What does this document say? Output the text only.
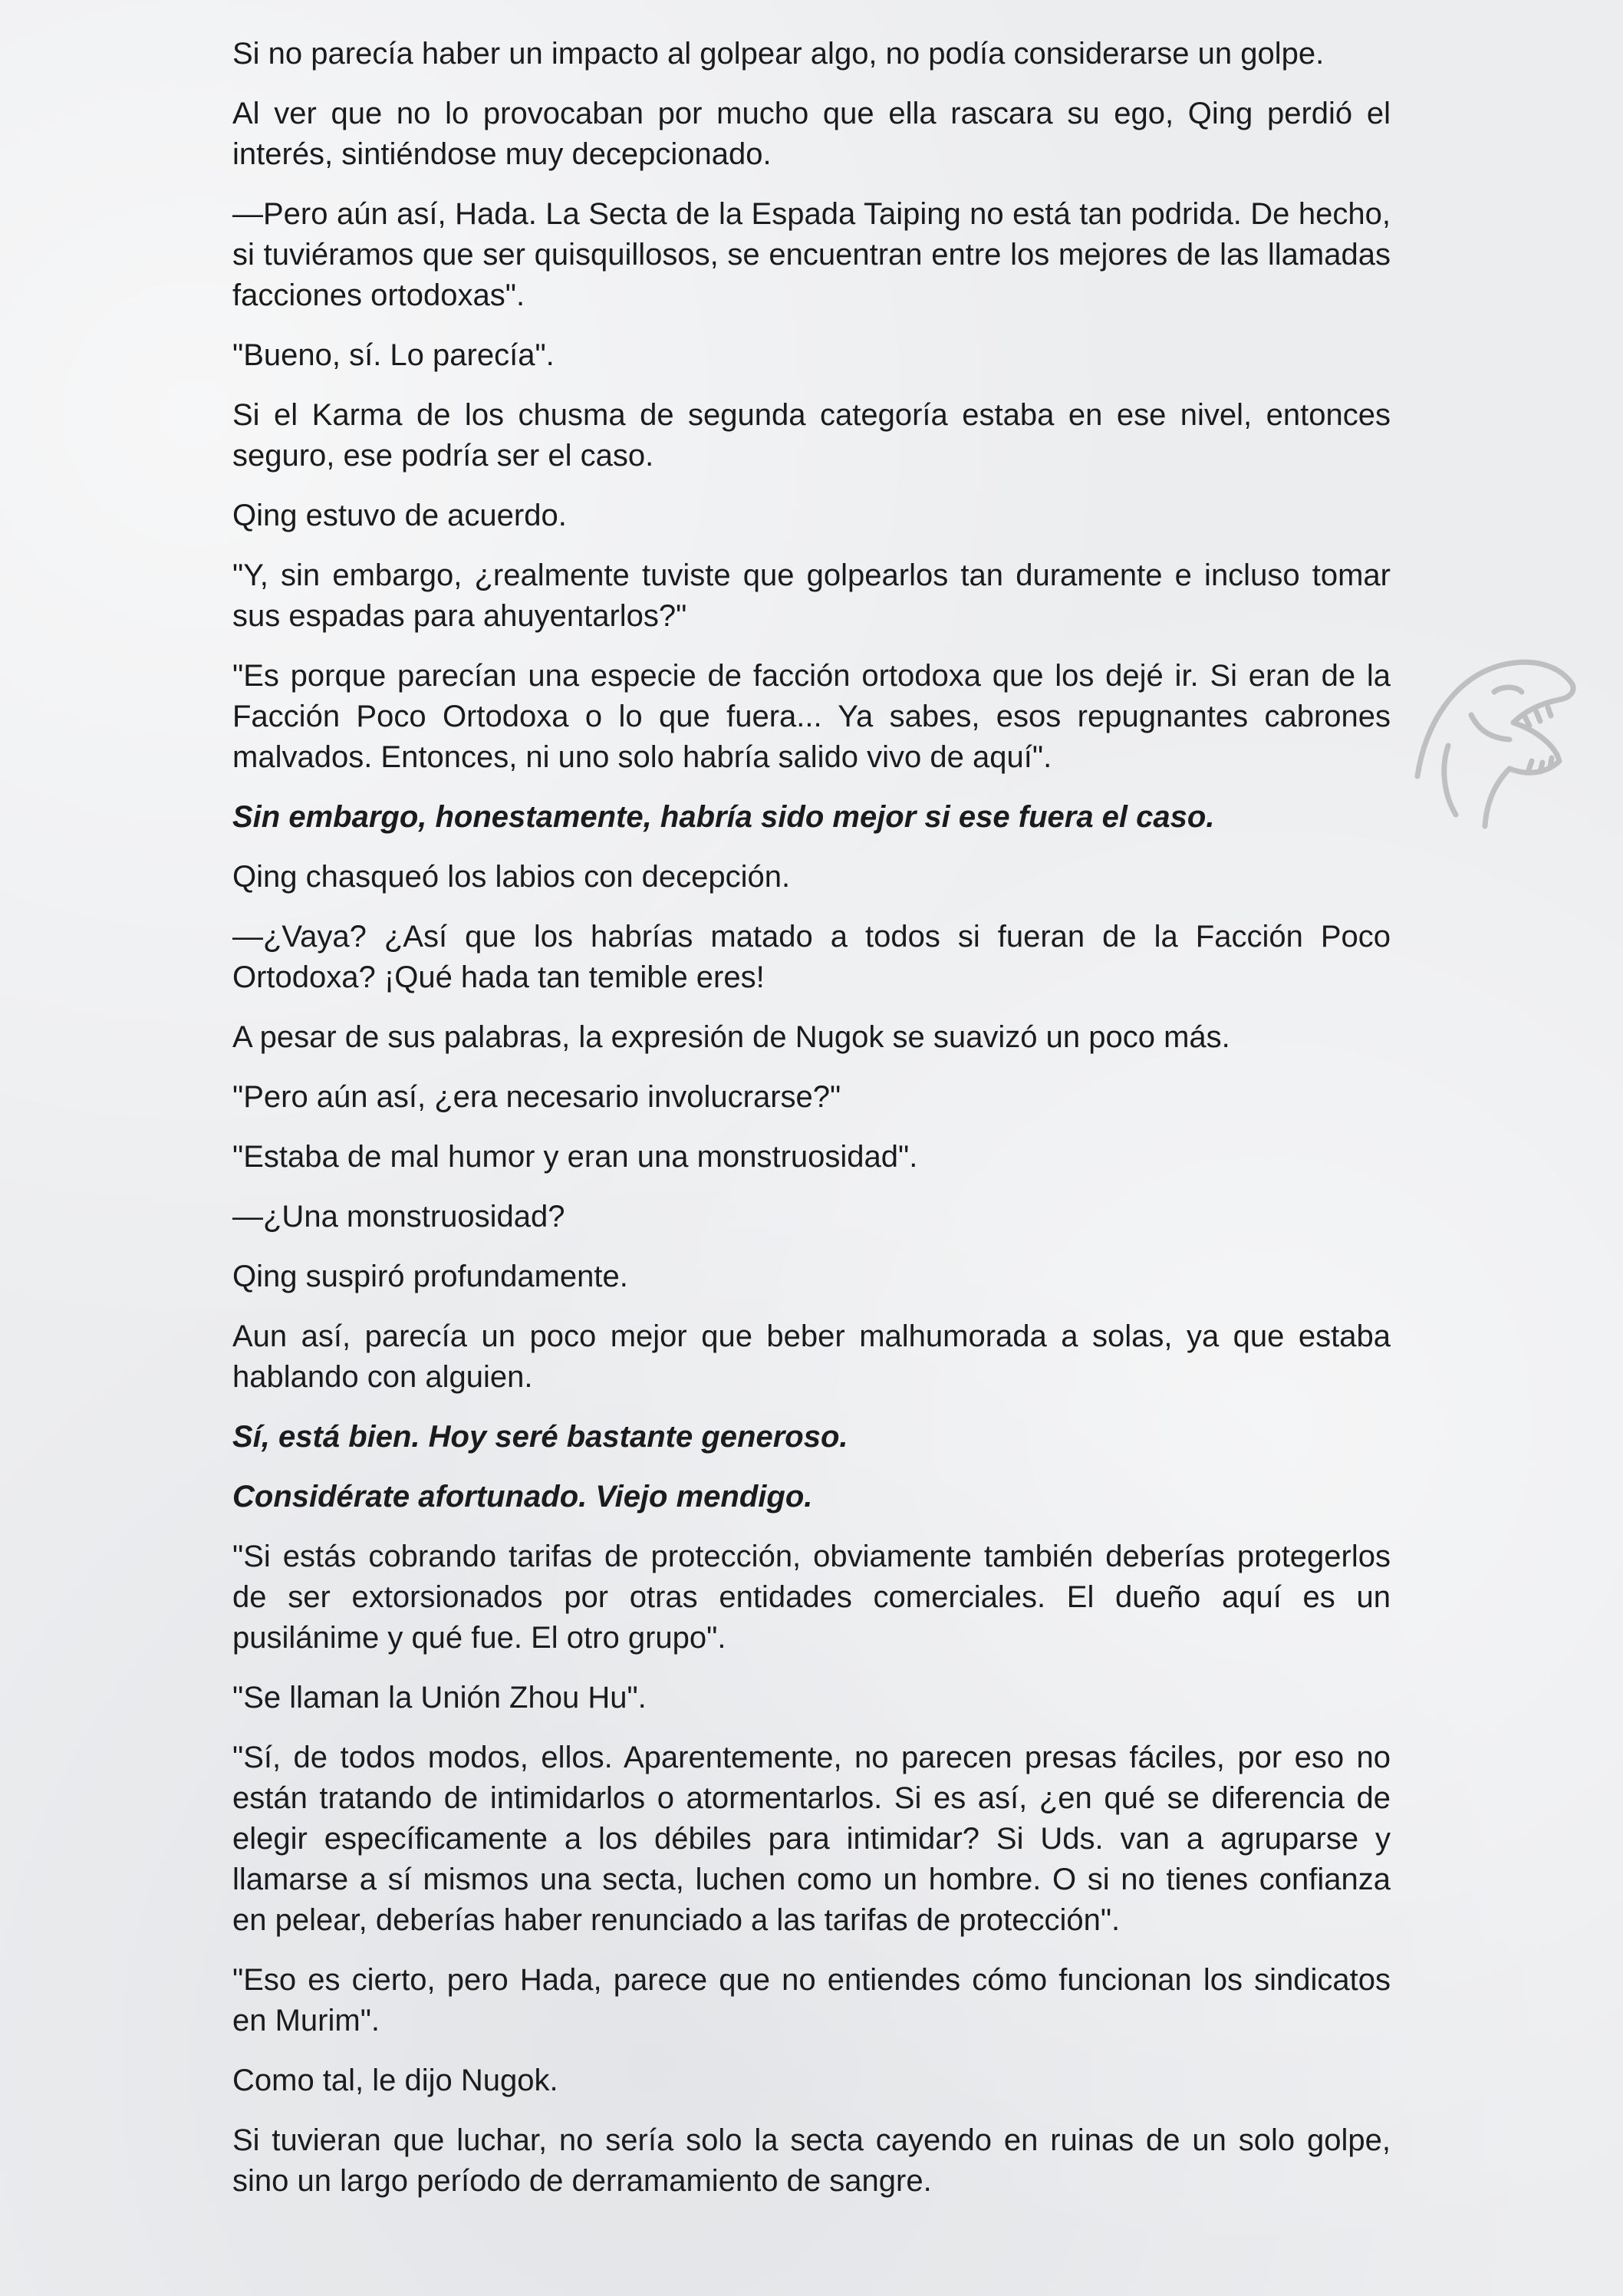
Si no parecía haber un impacto al golpear algo, no podía considerarse un golpe.

Al ver que no lo provocaban por mucho que ella rascara su ego, Qing perdió el interés, sintiéndose muy decepcionado.

—Pero aún así, Hada. La Secta de la Espada Taiping no está tan podrida. De hecho, si tuviéramos que ser quisquillosos, se encuentran entre los mejores de las llamadas facciones ortodoxas".

"Bueno, sí. Lo parecía".

Si el Karma de los chusma de segunda categoría estaba en ese nivel, entonces seguro, ese podría ser el caso.

Qing estuvo de acuerdo.

"Y, sin embargo, ¿realmente tuviste que golpearlos tan duramente e incluso tomar sus espadas para ahuyentarlos?"

"Es porque parecían una especie de facción ortodoxa que los dejé ir. Si eran de la Facción Poco Ortodoxa o lo que fuera... Ya sabes, esos repugnantes cabrones malvados. Entonces, ni uno solo habría salido vivo de aquí".

Sin embargo, honestamente, habría sido mejor si ese fuera el caso.

Qing chasqueó los labios con decepción.

—¿Vaya? ¿Así que los habrías matado a todos si fueran de la Facción Poco Ortodoxa? ¡Qué hada tan temible eres!

A pesar de sus palabras, la expresión de Nugok se suavizó un poco más.

"Pero aún así, ¿era necesario involucrarse?"

"Estaba de mal humor y eran una monstruosidad".

—¿Una monstruosidad?

Qing suspiró profundamente.

Aun así, parecía un poco mejor que beber malhumorada a solas, ya que estaba hablando con alguien.

Sí, está bien. Hoy seré bastante generoso.

Considérate afortunado. Viejo mendigo.

"Si estás cobrando tarifas de protección, obviamente también deberías protegerlos de ser extorsionados por otras entidades comerciales. El dueño aquí es un pusilánime y qué fue. El otro grupo".

"Se llaman la Unión Zhou Hu".

"Sí, de todos modos, ellos. Aparentemente, no parecen presas fáciles, por eso no están tratando de intimidarlos o atormentarlos. Si es así, ¿en qué se diferencia de elegir específicamente a los débiles para intimidar? Si Uds. van a agruparse y llamarse a sí mismos una secta, luchen como un hombre. O si no tienes confianza en pelear, deberías haber renunciado a las tarifas de protección".

"Eso es cierto, pero Hada, parece que no entiendes cómo funcionan los sindicatos en Murim".

Como tal, le dijo Nugok.

Si tuvieran que luchar, no sería solo la secta cayendo en ruinas de un solo golpe, sino un largo período de derramamiento de sangre.
